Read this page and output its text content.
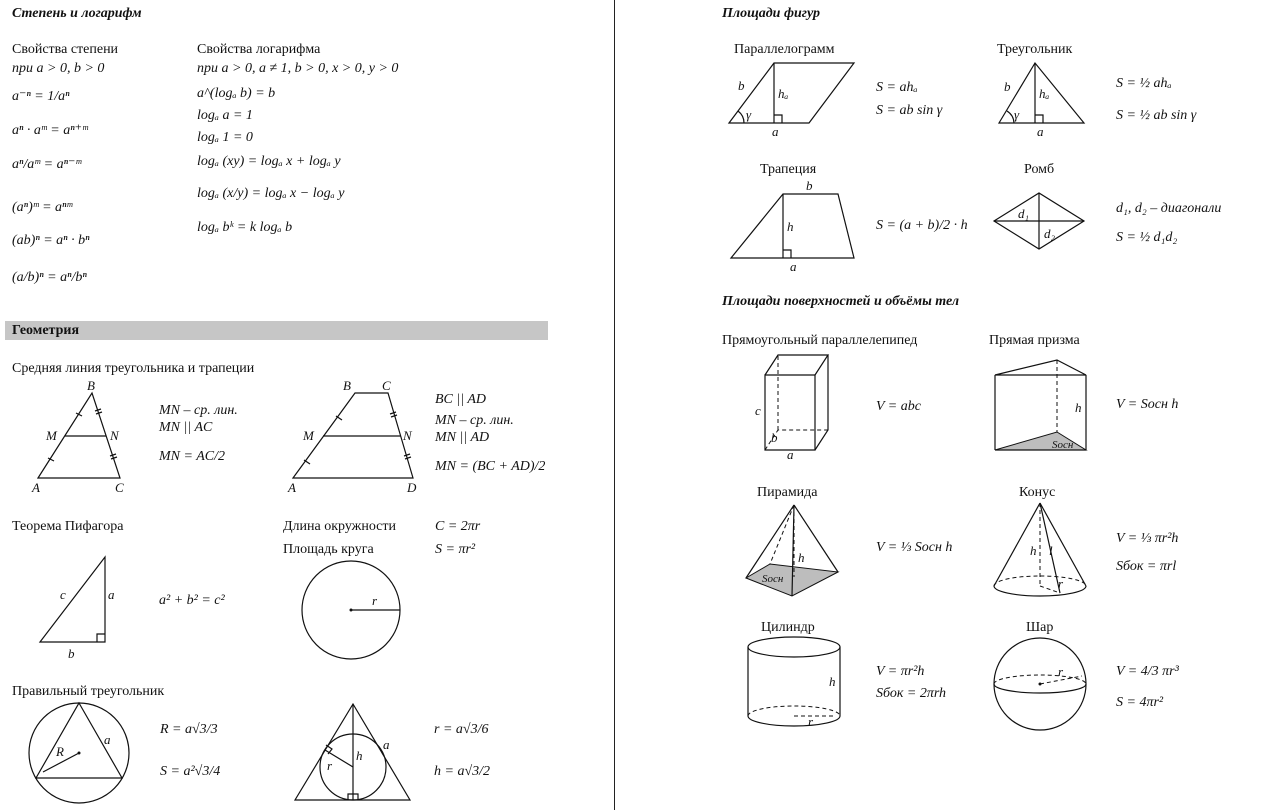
Степень и логарифм
Свойства степени
при a > 0, b > 0
a⁻ⁿ = 1/aⁿ
aⁿ · aᵐ = aⁿ⁺ᵐ
aⁿ/aᵐ = aⁿ⁻ᵐ
(aⁿ)ᵐ = aⁿᵐ
(ab)ⁿ = aⁿ · bⁿ
(a/b)ⁿ = aⁿ/bⁿ
Свойства логарифма
при a > 0, a ≠ 1, b > 0, x > 0, y > 0
a^(logₐ b) = b
logₐ a = 1
logₐ 1 = 0
logₐ (xy) = logₐ x + logₐ y
logₐ (x/y) = logₐ x − logₐ y
logₐ bᵏ = k logₐ b
Геометрия
Средняя линия треугольника и трапеции
B
M	N
A	C
MN – ср. лин.
MN || AC
MN = AC/2
B C
M	N
A	D
BC || AD
MN – ср. лин.
MN || AD
MN = (BC + AD)/2
Теорема Пифагора
c	a
b
a² + b² = c²
Длина окружности	C = 2πr
Площадь круга	S = πr²
r
Правильный треугольник
R
a
R = a√3/3
S = a²√3/4	r
h
a
r = a√3/6
h = a√3/2
Площади фигур
Параллелограмм
b
hₐ
γ
a
S = ahₐ
S = ab sin γ
Треугольник
b hₐ
γ
a
S = ½ ahₐ
S = ½ ab sin γ
Трапеция
b
h
a
S = (a + b)/2 · h
Ромб
d₁
d₂
d₁, d₂ – диагонали
S = ½ d₁d₂
Площади поверхностей и объёмы тел
Прямоугольный параллелепипед
c
b
a
V = abc
Прямая призма
h
Sосн
V = Sосн h
Пирамида
h
Sосн
V = ⅓ Sосн h
Конус
h l
r
V = ⅓ πr²h
Sбок = πrl
Цилиндр
r
h
V = πr²h
Sбок = 2πrh
Шар
r	V = 4/3 πr³
S = 4πr²
